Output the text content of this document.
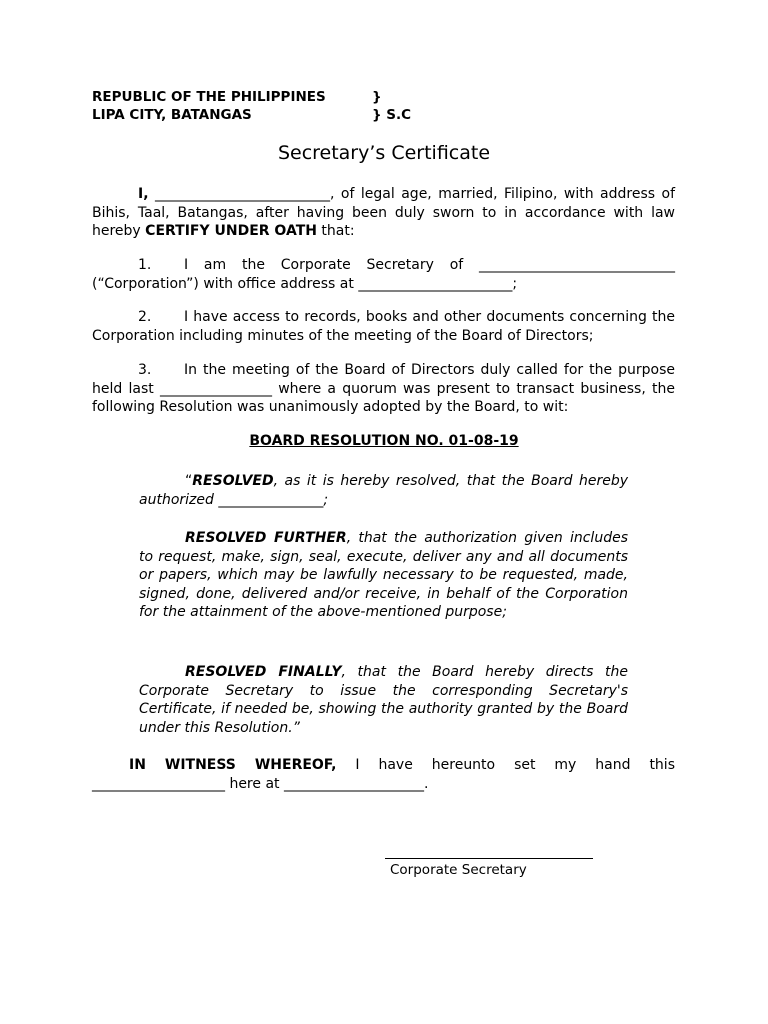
REPUBLIC OF THE PHILIPPINES	}
LIPA CITY, BATANGAS	} S.C
Secretary’s Certificate
I, _________________________, of legal age, married, Filipino, with address of Bihis, Taal, Batangas, after having been duly sworn to in accordance with law hereby CERTIFY UNDER OATH that:
1. I am the Corporate Secretary of ____________________________ (“Corporation”) with office address at ______________________;
2. I have access to records, books and other documents concerning the Corporation including minutes of the meeting of the Board of Directors;
3. In the meeting of the Board of Directors duly called for the purpose held last ________________ where a quorum was present to transact business, the following Resolution was unanimously adopted by the Board, to wit:
BOARD RESOLUTION NO. 01-08-19
“RESOLVED, as it is hereby resolved, that the Board hereby authorized _______________;
RESOLVED FURTHER, that the authorization given includes to request, make, sign, seal, execute, deliver any and all documents or papers, which may be lawfully necessary to be requested, made, signed, done, delivered and/or receive, in behalf of the Corporation for the attainment of the above-mentioned purpose;
RESOLVED FINALLY, that the Board hereby directs the Corporate Secretary to issue the corresponding Secretary's Certificate, if needed be, showing the authority granted by the Board under this Resolution.”
IN WITNESS WHEREOF, I have hereunto set my hand this
___________________ here at ____________________.
Corporate Secretary
